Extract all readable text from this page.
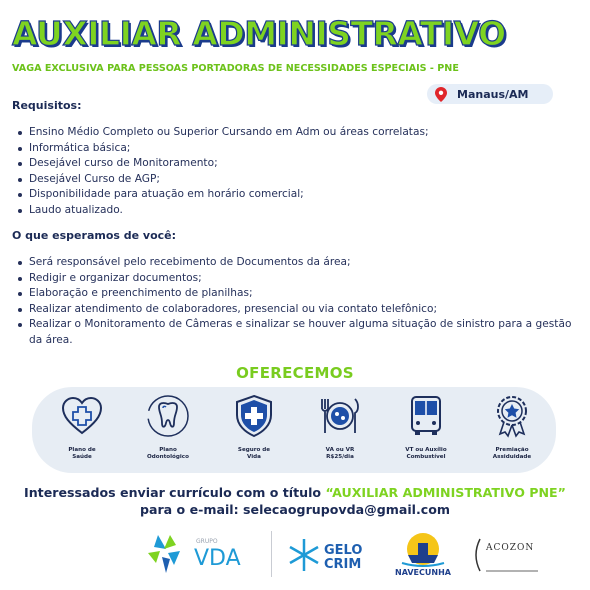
AUXILIAR ADMINISTRATIVO
VAGA EXCLUSIVA PARA PESSOAS PORTADORAS DE NECESSIDADES ESPECIAIS - PNE
Manaus/AM
Requisitos:
Ensino Médio Completo ou Superior Cursando em Adm ou áreas correlatas;
Informática básica;
Desejável curso de Monitoramento;
Desejável Curso de AGP;
Disponibilidade para atuação em horário comercial;
Laudo atualizado.
O que esperamos de você:
Será responsável pelo recebimento de Documentos da área;
Redigir e organizar documentos;
Elaboração e preenchimento de planilhas;
Realizar atendimento de colaboradores, presencial ou via contato telefônico;
Realizar o Monitoramento de Câmeras e sinalizar se houver alguma situação de sinistro para a gestão da área.
OFERECEMOS
Plano de
Saúde
Plano
Odontológico
Seguro de
Vida
VA ou VR
R$25/dia
VT ou Auxílio
Combustível
Premiação
Assiduidade
Interessados enviar currículo com o título “AUXILIAR ADMINISTRATIVO PNE”
para o e-mail: selecaogrupovda@gmail.com
GRUPO
VDA	GELO
CRIM
NAVECUNHA
ACOZON
